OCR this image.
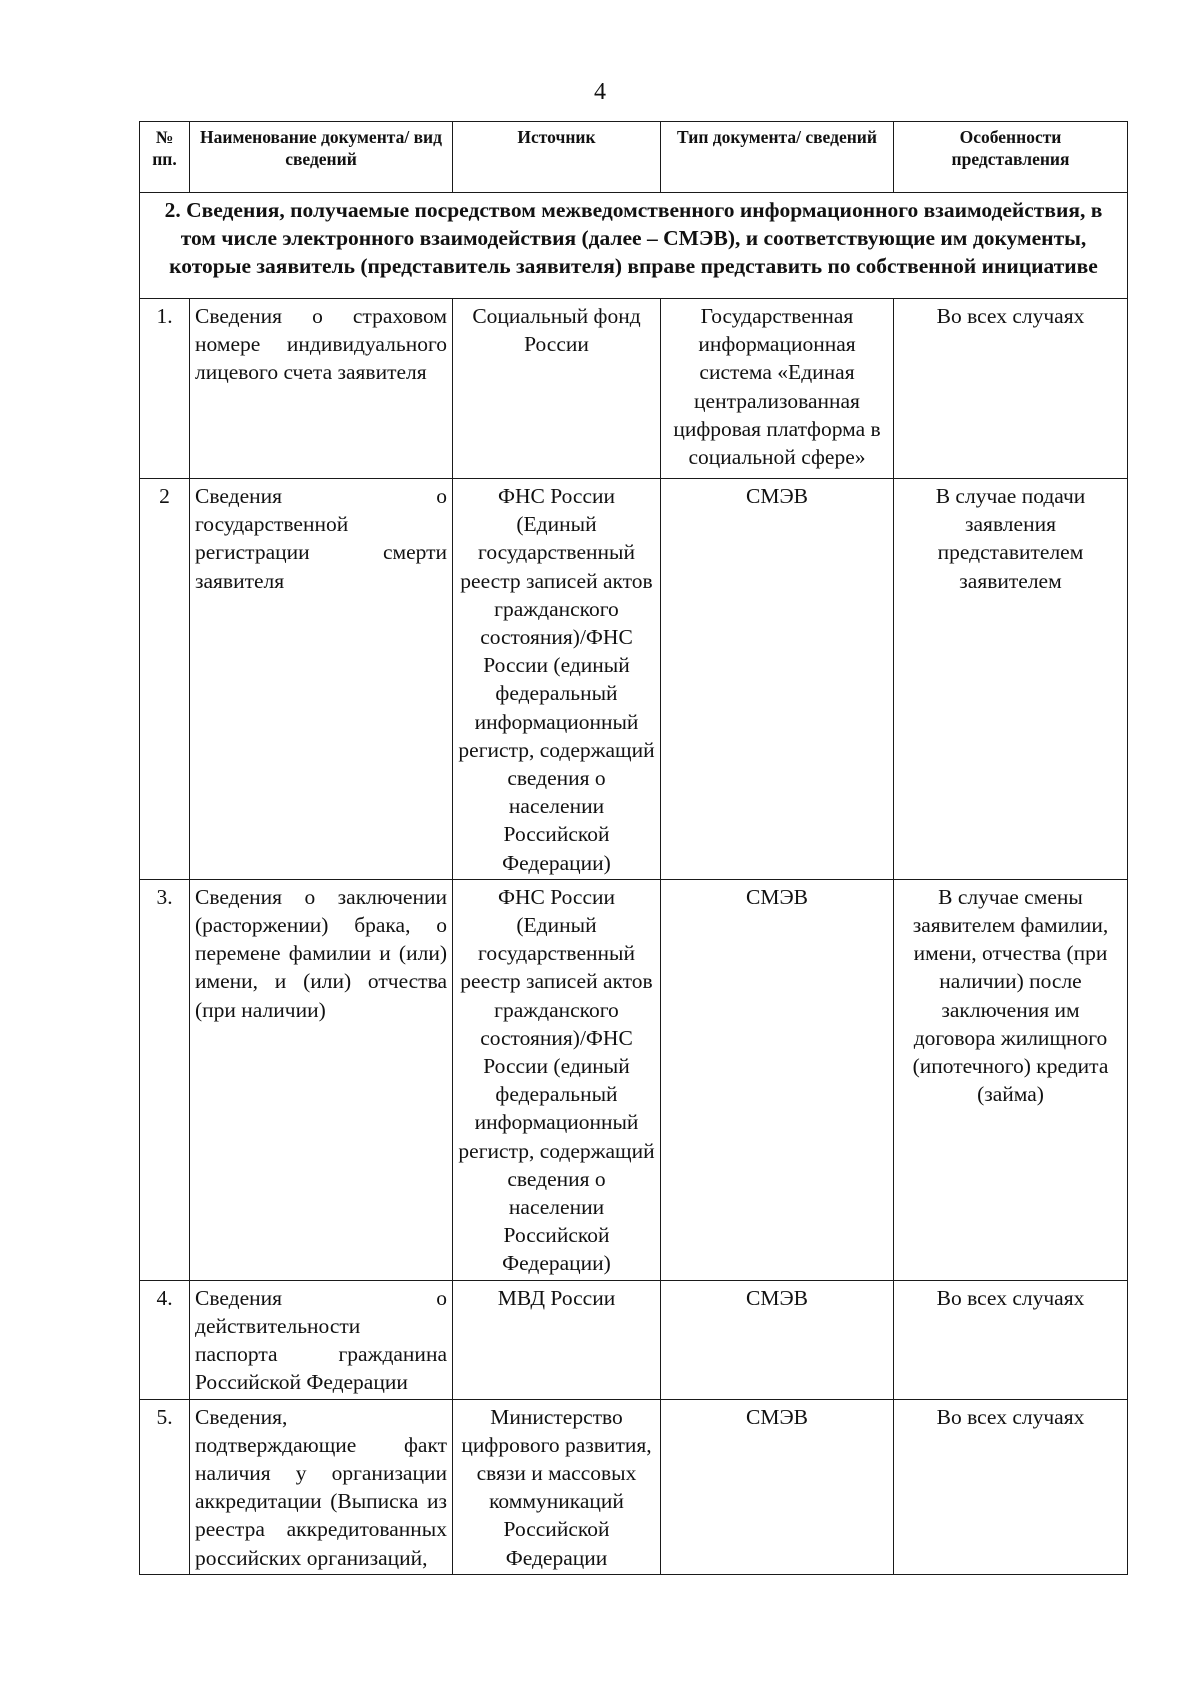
4
№ пп.	Наименование документа/ вид сведений	Источник	Тип документа/ сведений	Особенности представления
2. Сведения, получаемые посредством межведомственного информационного взаимодействия, в том числе электронного взаимодействия (далее – СМЭВ), и соответствующие им документы, которые заявитель (представитель заявителя) вправе представить по собственной инициативе				
1.	Сведения о страховом номере индивидуального лицевого счета заявителя	Социальный фонд России	Государственная информационная система «Единая централизованная цифровая платформа в социальной сфере»	Во всех случаях
2	Сведения о государственной регистрации смерти заявителя	ФНС России (Единый государственный реестр записей актов гражданского состояния)/ФНС России (единый федеральный информационный регистр, содержащий сведения о населении Российской Федерации)	СМЭВ	В случае подачи заявления представителем заявителем
3.	Сведения о заключении (расторжении) брака, о перемене фамилии и (или) имени, и (или) отчества (при наличии)	ФНС России (Единый государственный реестр записей актов гражданского состояния)/ФНС России (единый федеральный информационный регистр, содержащий сведения о населении Российской Федерации)	СМЭВ	В случае смены заявителем фамилии, имени, отчества (при наличии) после заключения им договора жилищного (ипотечного) кредита (займа)
4.	Сведения о действительности паспорта гражданина Российской Федерации	МВД России	СМЭВ	Во всех случаях
5.	Сведения, подтверждающие факт наличия у организации аккредитации (Выписка из реестра аккредитованных российских организаций,	Министерство цифрового развития, связи и массовых коммуникаций Российской Федерации	СМЭВ	Во всех случаях
